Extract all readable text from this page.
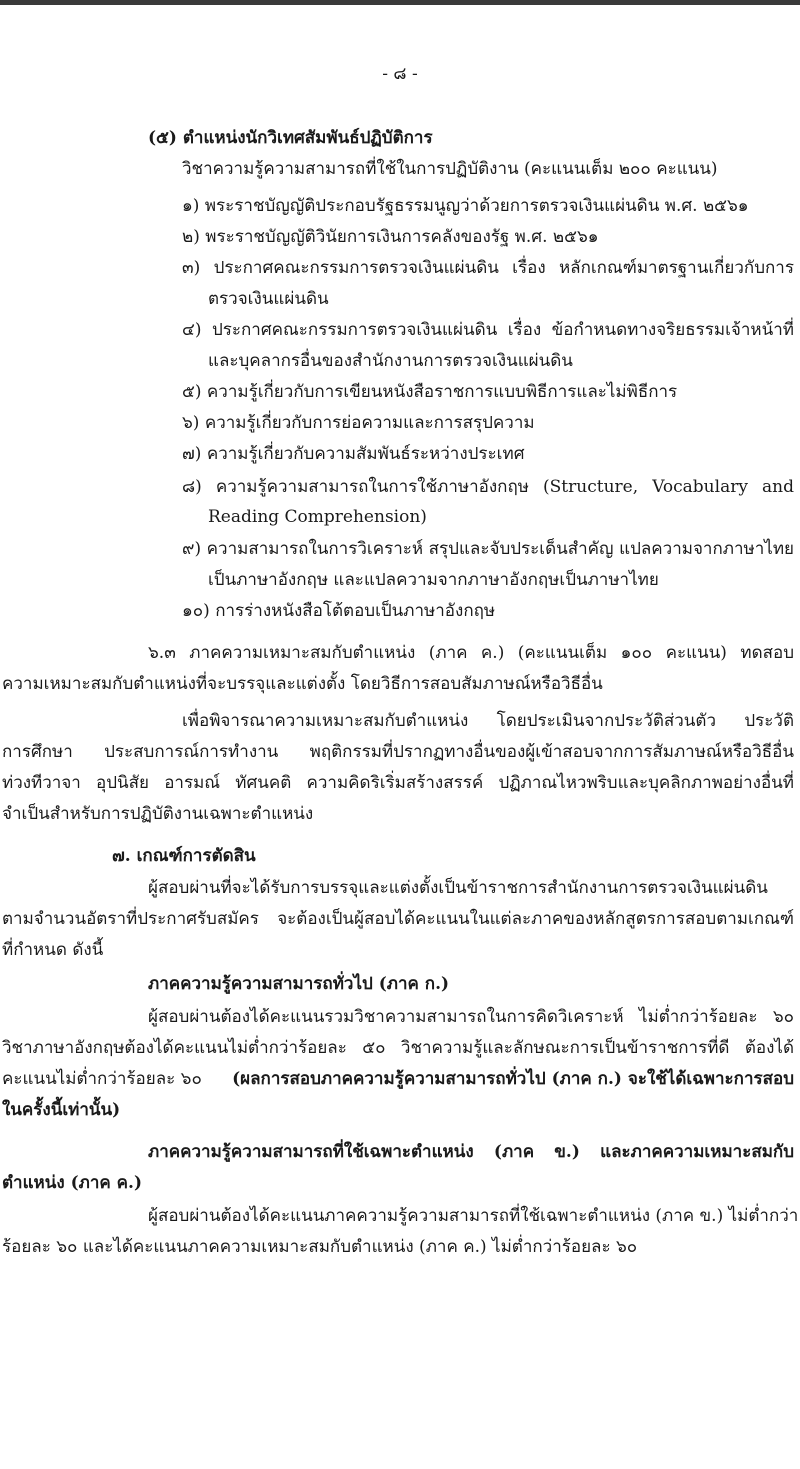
- ๘ -
(๕) ตำแหน่งนักวิเทศสัมพันธ์ปฏิบัติการ
วิชาความรู้ความสามารถที่ใช้ในการปฏิบัติงาน (คะแนนเต็ม ๒๐๐ คะแนน)
๑) พระราชบัญญัติประกอบรัฐธรรมนูญว่าด้วยการตรวจเงินแผ่นดิน พ.ศ. ๒๕๖๑
๒) พระราชบัญญัติวินัยการเงินการคลังของรัฐ พ.ศ. ๒๕๖๑
๓) ประกาศคณะกรรมการตรวจเงินแผ่นดิน เรื่อง หลักเกณฑ์มาตรฐานเกี่ยวกับการ
ตรวจเงินแผ่นดิน
๔) ประกาศคณะกรรมการตรวจเงินแผ่นดิน เรื่อง ข้อกำหนดทางจริยธรรมเจ้าหน้าที่
และบุคลากรอื่นของสำนักงานการตรวจเงินแผ่นดิน
๕) ความรู้เกี่ยวกับการเขียนหนังสือราชการแบบพิธีการและไม่พิธีการ
๖) ความรู้เกี่ยวกับการย่อความและการสรุปความ
๗) ความรู้เกี่ยวกับความสัมพันธ์ระหว่างประเทศ
๘) ความรู้ความสามารถในการใช้ภาษาอังกฤษ (Structure, Vocabulary and
Reading Comprehension)
๙) ความสามารถในการวิเคราะห์ สรุปและจับประเด็นสำคัญ แปลความจากภาษาไทย
เป็นภาษาอังกฤษ และแปลความจากภาษาอังกฤษเป็นภาษาไทย
๑๐) การร่างหนังสือโต้ตอบเป็นภาษาอังกฤษ
๖.๓ ภาคความเหมาะสมกับตำแหน่ง (ภาค ค.) (คะแนนเต็ม ๑๐๐ คะแนน) ทดสอบ
ความเหมาะสมกับตำแหน่งที่จะบรรจุและแต่งตั้ง โดยวิธีการสอบสัมภาษณ์หรือวิธีอื่น
เพื่อพิจารณาความเหมาะสมกับตำแหน่ง โดยประเมินจากประวัติส่วนตัว ประวัติ
การศึกษา ประสบการณ์การทำงาน พฤติกรรมที่ปรากฏทางอื่นของผู้เข้าสอบจากการสัมภาษณ์หรือวิธีอื่น
ท่วงทีวาจา อุปนิสัย อารมณ์ ทัศนคติ ความคิดริเริ่มสร้างสรรค์ ปฏิภาณไหวพริบและบุคลิกภาพอย่างอื่นที่
จำเป็นสำหรับการปฏิบัติงานเฉพาะตำแหน่ง
๗. เกณฑ์การตัดสิน
ผู้สอบผ่านที่จะได้รับการบรรจุและแต่งตั้งเป็นข้าราชการสำนักงานการตรวจเงินแผ่นดิน
ตามจำนวนอัตราที่ประกาศรับสมัคร จะต้องเป็นผู้สอบได้คะแนนในแต่ละภาคของหลักสูตรการสอบตามเกณฑ์
ที่กำหนด ดังนี้
ภาคความรู้ความสามารถทั่วไป (ภาค ก.)
ผู้สอบผ่านต้องได้คะแนนรวมวิชาความสามารถในการคิดวิเคราะห์ ไม่ต่ำกว่าร้อยละ ๖๐
วิชาภาษาอังกฤษต้องได้คะแนนไม่ต่ำกว่าร้อยละ ๕๐ วิชาความรู้และลักษณะการเป็นข้าราชการที่ดี ต้องได้
คะแนนไม่ต่ำกว่าร้อยละ ๖๐ (ผลการสอบภาคความรู้ความสามารถทั่วไป (ภาค ก.) จะใช้ได้เฉพาะการสอบ
ในครั้งนี้เท่านั้น)
ภาคความรู้ความสามารถที่ใช้เฉพาะตำแหน่ง (ภาค ข.) และภาคความเหมาะสมกับ
ตำแหน่ง (ภาค ค.)
ผู้สอบผ่านต้องได้คะแนนภาคความรู้ความสามารถที่ใช้เฉพาะตำแหน่ง (ภาค ข.) ไม่ต่ำกว่า
ร้อยละ ๖๐ และได้คะแนนภาคความเหมาะสมกับตำแหน่ง (ภาค ค.) ไม่ต่ำกว่าร้อยละ ๖๐
